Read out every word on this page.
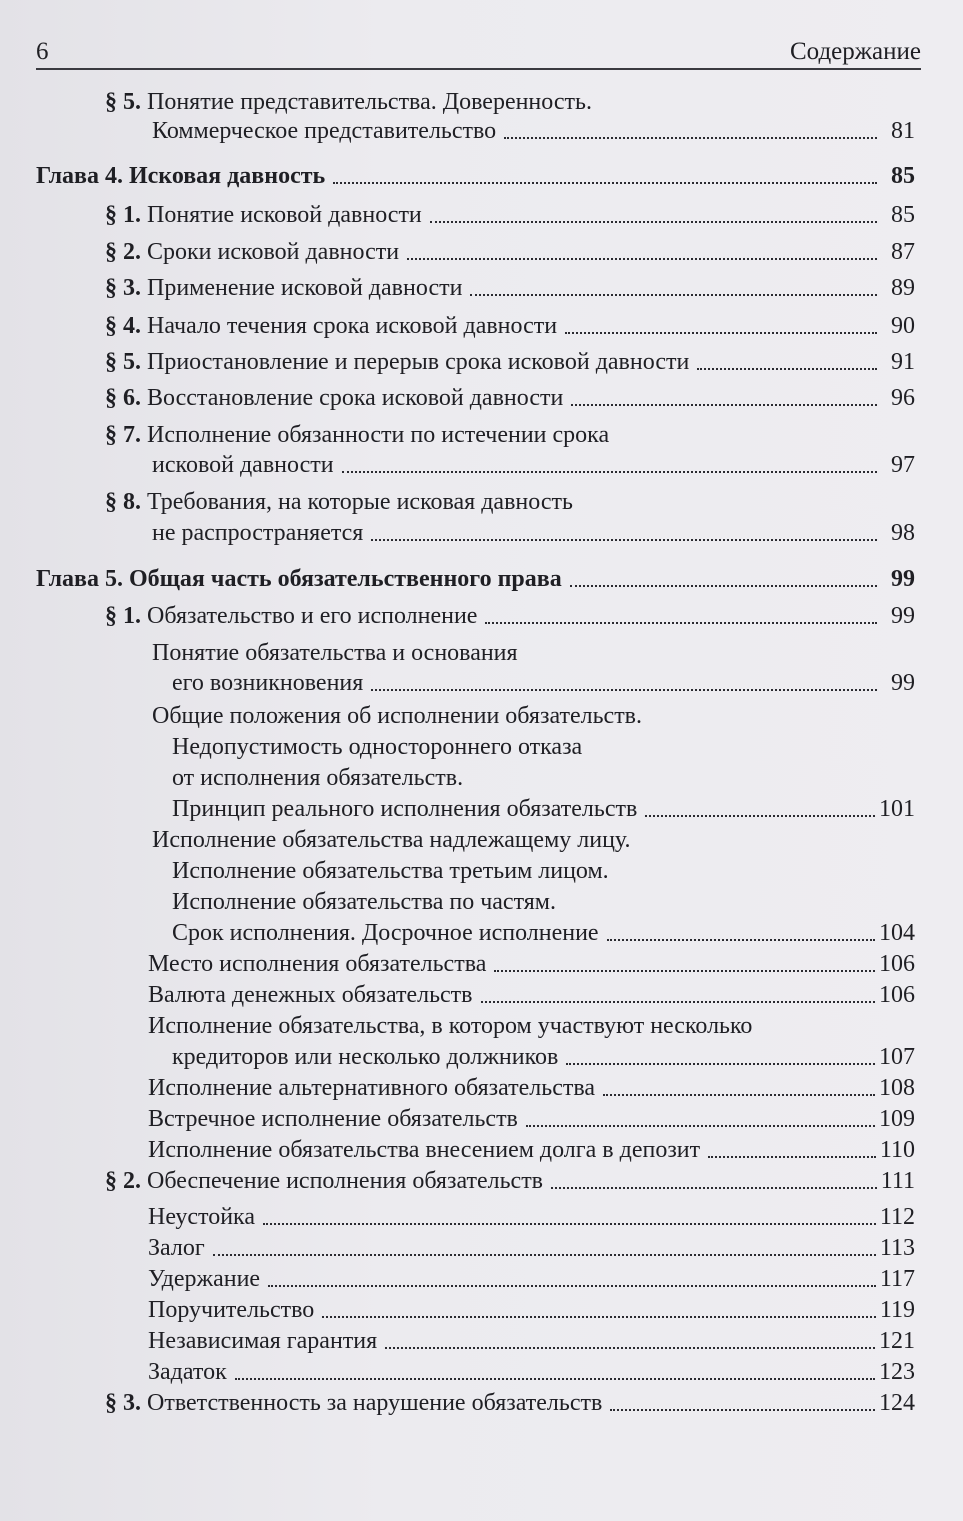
6	Содержание
§ 5. Понятие представительства. Доверенность.
Коммерческое представительство	81
Глава 4. Исковая давность	85
§ 1. Понятие исковой давности	85
§ 2. Сроки исковой давности	87
§ 3. Применение исковой давности	89
§ 4. Начало течения срока исковой давности	90
§ 5. Приостановление и перерыв срока исковой давности	91
§ 6. Восстановление срока исковой давности	96
§ 7. Исполнение обязанности по истечении срока
исковой давности	97
§ 8. Требования, на которые исковая давность
не распространяется	98
Глава 5. Общая часть обязательственного права	99
§ 1. Обязательство и его исполнение	99
Понятие обязательства и основания
его возникновения	99
Общие положения об исполнении обязательств.
Недопустимость одностороннего отказа
от исполнения обязательств.
Принцип реального исполнения обязательств	101
Исполнение обязательства надлежащему лицу.
Исполнение обязательства третьим лицом.
Исполнение обязательства по частям.
Срок исполнения. Досрочное исполнение	104
Место исполнения обязательства	106
Валюта денежных обязательств	106
Исполнение обязательства, в котором участвуют несколько
кредиторов или несколько должников	107
Исполнение альтернативного обязательства	108
Встречное исполнение обязательств	109
Исполнение обязательства внесением долга в депозит	110
§ 2. Обеспечение исполнения обязательств	111
Неустойка	112
Залог	113
Удержание	117
Поручительство	119
Независимая гарантия	121
Задаток	123
§ 3. Ответственность за нарушение обязательств	124
